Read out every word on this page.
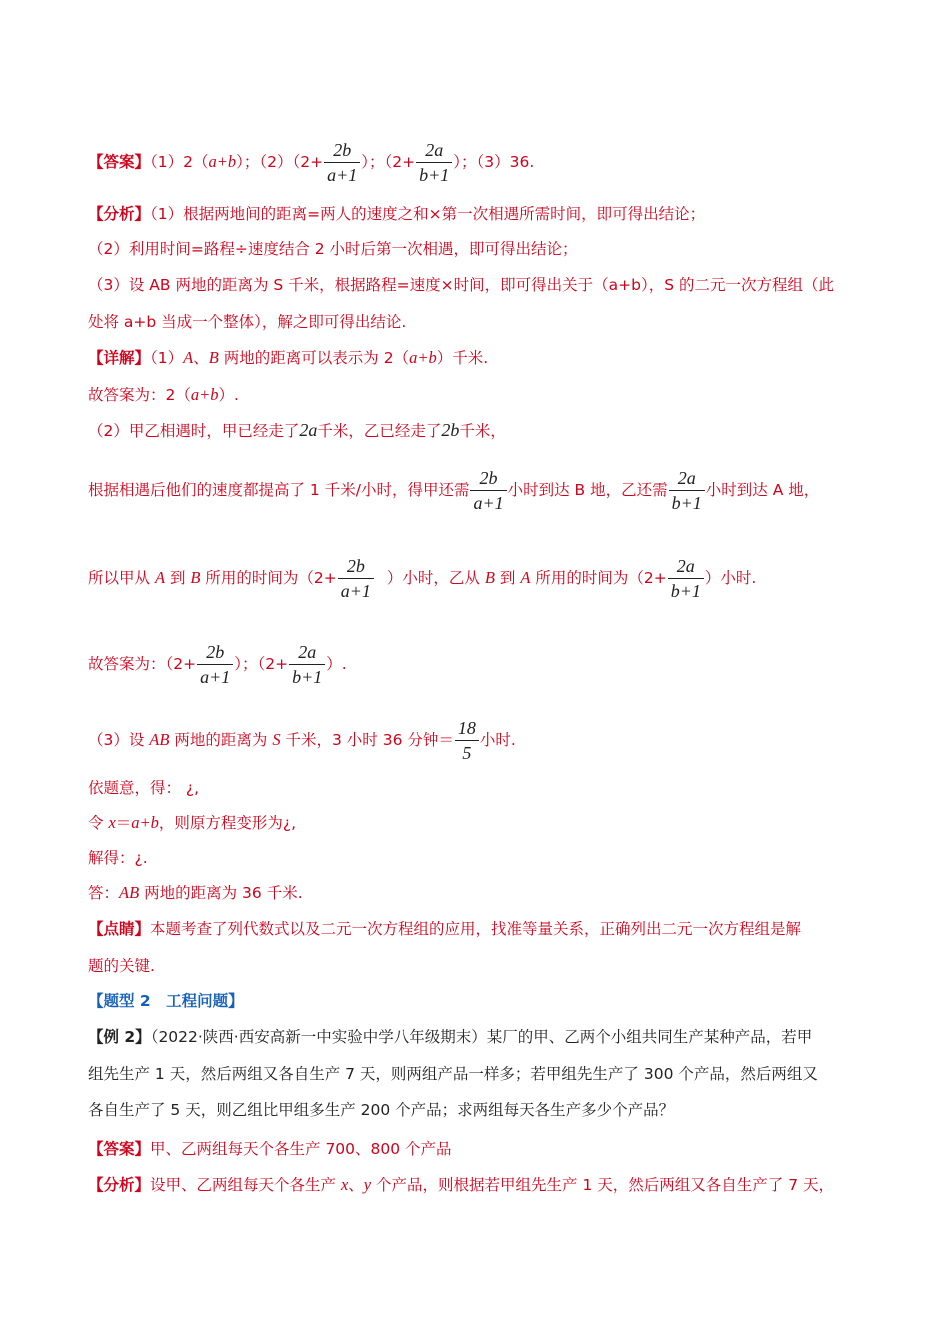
【答案】（1）2（a+b）；$(2)(2+ \frac{2b}{a+1}$ ）；（$2+ \frac{2a}{b+1}$ ）；（3）36.
【分析】（1）根据两地间的距离=两人的速度之和×第一次相遇所需时间，即可得出结论；
（2）利用时间=路程÷速度结合 2 小时后第一次相遇，即可得出结论；
（3）设 AB 两地的距离为 S 千米，根据路程=速度×时间，即可得出关于（a+b），S 的二元一次方程组（此
处将 a+b 当成一个整体），解之即可得出结论.
【详解】（1）A、B 两地的距离可以表示为 2（a+b）千米.
故答案为：2（a+b）.
（2）甲乙相遇时，甲已经走了2a千米，乙已经走了2b千米，
根据相遇后他们的速度都提高了 1 千米/小时，得甲还需 $\frac{2b}{a+1}$ 小时到达 B 地，乙还需 $\frac{2a}{b+1}$ 小时到达 A 地，
所以甲从 A 到 B 所用的时间为（$2+ \frac{2b}{a+1}$ ）小时，乙从 B 到 A 所用的时间为（$2+ \frac{2a}{b+1}$ ）小时.
故答案为：（$2+ \frac{2b}{a+1}$ ）；（$2+ \frac{2a}{b+1}$ ）.
（3）设 AB 两地的距离为 S 千米，3 小时 36 分钟＝ $\frac{18}{5}$ 小时.
依题意，得： ¿,
令 x＝a+b，则原方程变形为¿,
解得：¿.
答：AB 两地的距离为 36 千米.
【点睛】本题考查了列代数式以及二元一次方程组的应用，找准等量关系，正确列出二元一次方程组是解
题的关键.
【题型 2　工程问题】
【例 2】（2022·陕西·西安高新一中实验中学八年级期末）某厂的甲、乙两个小组共同生产某种产品，若甲
组先生产 1 天，然后两组又各自生产 7 天，则两组产品一样多；若甲组先生产了 300 个产品，然后两组又
各自生产了 5 天，则乙组比甲组多生产 200 个产品；求两组每天各生产多少个产品？
【答案】甲、乙两组每天个各生产 700、800 个产品
【分析】设甲、乙两组每天个各生产 x、y 个产品，则根据若甲组先生产 1 天，然后两组又各自生产了 7 天，
